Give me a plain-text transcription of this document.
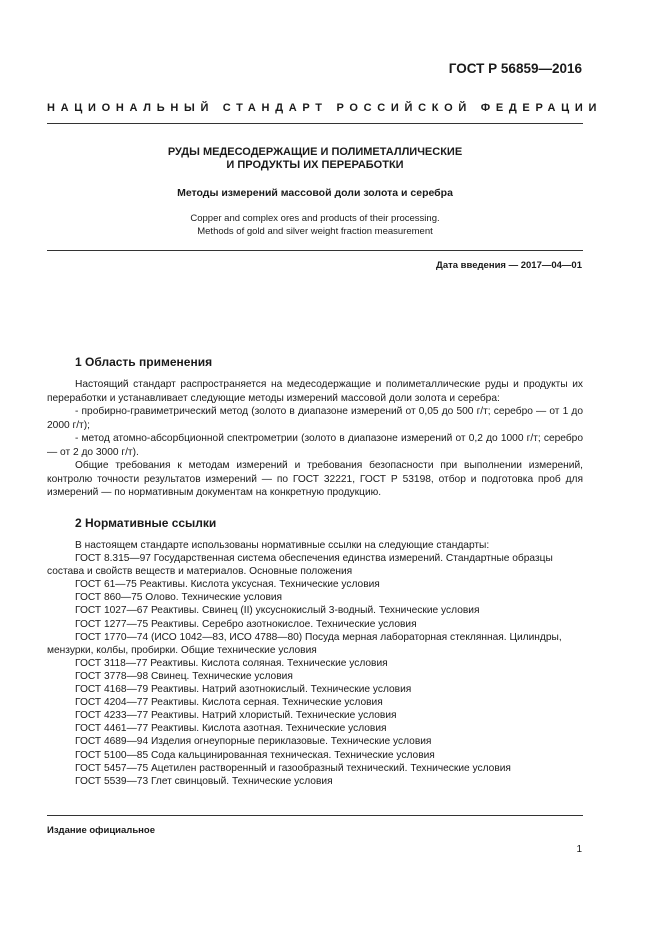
ГОСТ Р 56859—2016
НАЦИОНАЛЬНЫЙ СТАНДАРТ РОССИЙСКОЙ ФЕДЕРАЦИИ
РУДЫ МЕДЕСОДЕРЖАЩИЕ И ПОЛИМЕТАЛЛИЧЕСКИЕ
И ПРОДУКТЫ ИХ ПЕРЕРАБОТКИ
Методы измерений массовой доли золота и серебра
Copper and complex ores and products of their processing.
Methods of gold and silver weight fraction measurement
Дата введения — 2017—04—01
1 Область применения

Настоящий стандарт распространяется на медесодержащие и полиметаллические руды и продукты их переработки и устанавливает следующие методы измерений массовой доли золота и серебра:

- пробирно-гравиметрический метод (золото в диапазоне измерений от 0,05 до 500 г/т; серебро — от 1 до 2000 г/т);

- метод атомно-абсорбционной спектрометрии (золото в диапазоне измерений от 0,2 до 1000 г/т; серебро — от 2 до 3000 г/т).

Общие требования к методам измерений и требования безопасности при выполнении измерений, контролю точности результатов измерений — по ГОСТ 32221, ГОСТ Р 53198, отбор и подготовка проб для измерений — по нормативным документам на конкретную продукцию.

2 Нормативные ссылки

В настоящем стандарте использованы нормативные ссылки на следующие стандарты:

ГОСТ 8.315—97 Государственная система обеспечения единства измерений. Стандартные образцы состава и свойств веществ и материалов. Основные положения

ГОСТ 61—75 Реактивы. Кислота уксусная. Технические условия

ГОСТ 860—75 Олово. Технические условия

ГОСТ 1027—67 Реактивы. Свинец (II) уксуснокислый 3-водный. Технические условия

ГОСТ 1277—75 Реактивы. Серебро азотнокислое. Технические условия

ГОСТ 1770—74 (ИСО 1042—83, ИСО 4788—80) Посуда мерная лабораторная стеклянная. Цилиндры, мензурки, колбы, пробирки. Общие технические условия

ГОСТ 3118—77 Реактивы. Кислота соляная. Технические условия

ГОСТ 3778—98 Свинец. Технические условия

ГОСТ 4168—79 Реактивы. Натрий азотнокислый. Технические условия

ГОСТ 4204—77 Реактивы. Кислота серная. Технические условия

ГОСТ 4233—77 Реактивы. Натрий хлористый. Технические условия

ГОСТ 4461—77 Реактивы. Кислота азотная. Технические условия

ГОСТ 4689—94 Изделия огнеупорные периклазовые. Технические условия

ГОСТ 5100—85 Сода кальцинированная техническая. Технические условия

ГОСТ 5457—75 Ацетилен растворенный и газообразный технический. Технические условия

ГОСТ 5539—73 Глет свинцовый. Технические условия

Издание официальное
1
